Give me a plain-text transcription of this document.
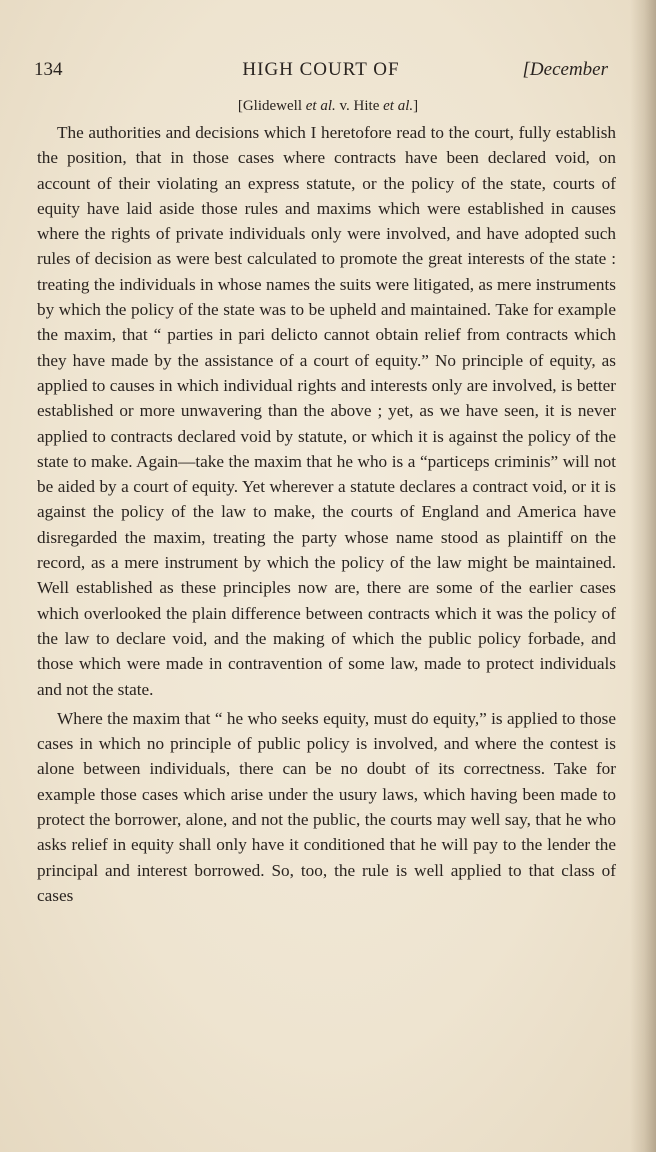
134	HIGH COURT OF	[December
[Glidewell et al. v. Hite et al.]

The authorities and decisions which I heretofore read to the court, fully establish the position, that in those cases where contracts have been declared void, on account of their violating an express statute, or the policy of the state, courts of equity have laid aside those rules and maxims which were established in causes where the rights of private individuals only were involved, and have adopted such rules of decision as were best calculated to promote the great interests of the state : treating the individuals in whose names the suits were litigated, as mere instruments by which the policy of the state was to be upheld and maintained. Take for example the maxim, that “ parties in pari delicto cannot obtain relief from contracts which they have made by the assistance of a court of equity.” No principle of equity, as applied to causes in which individual rights and interests only are involved, is better established or more unwavering than the above ; yet, as we have seen, it is never applied to contracts declared void by statute, or which it is against the policy of the state to make. Again—take the maxim that he who is a “particeps criminis” will not be aided by a court of equity. Yet wherever a statute declares a contract void, or it is against the policy of the law to make, the courts of England and America have disregarded the maxim, treating the party whose name stood as plaintiff on the record, as a mere instrument by which the policy of the law might be maintained. Well established as these principles now are, there are some of the earlier cases which overlooked the plain difference between contracts which it was the policy of the law to declare void, and the making of which the public policy forbade, and those which were made in contravention of some law, made to protect individuals and not the state.

Where the maxim that “ he who seeks equity, must do equity,” is applied to those cases in which no principle of public policy is involved, and where the contest is alone between individuals, there can be no doubt of its correctness. Take for example those cases which arise under the usury laws, which having been made to protect the borrower, alone, and not the public, the courts may well say, that he who asks relief in equity shall only have it conditioned that he will pay to the lender the principal and interest borrowed. So, too, the rule is well applied to that class of cases
